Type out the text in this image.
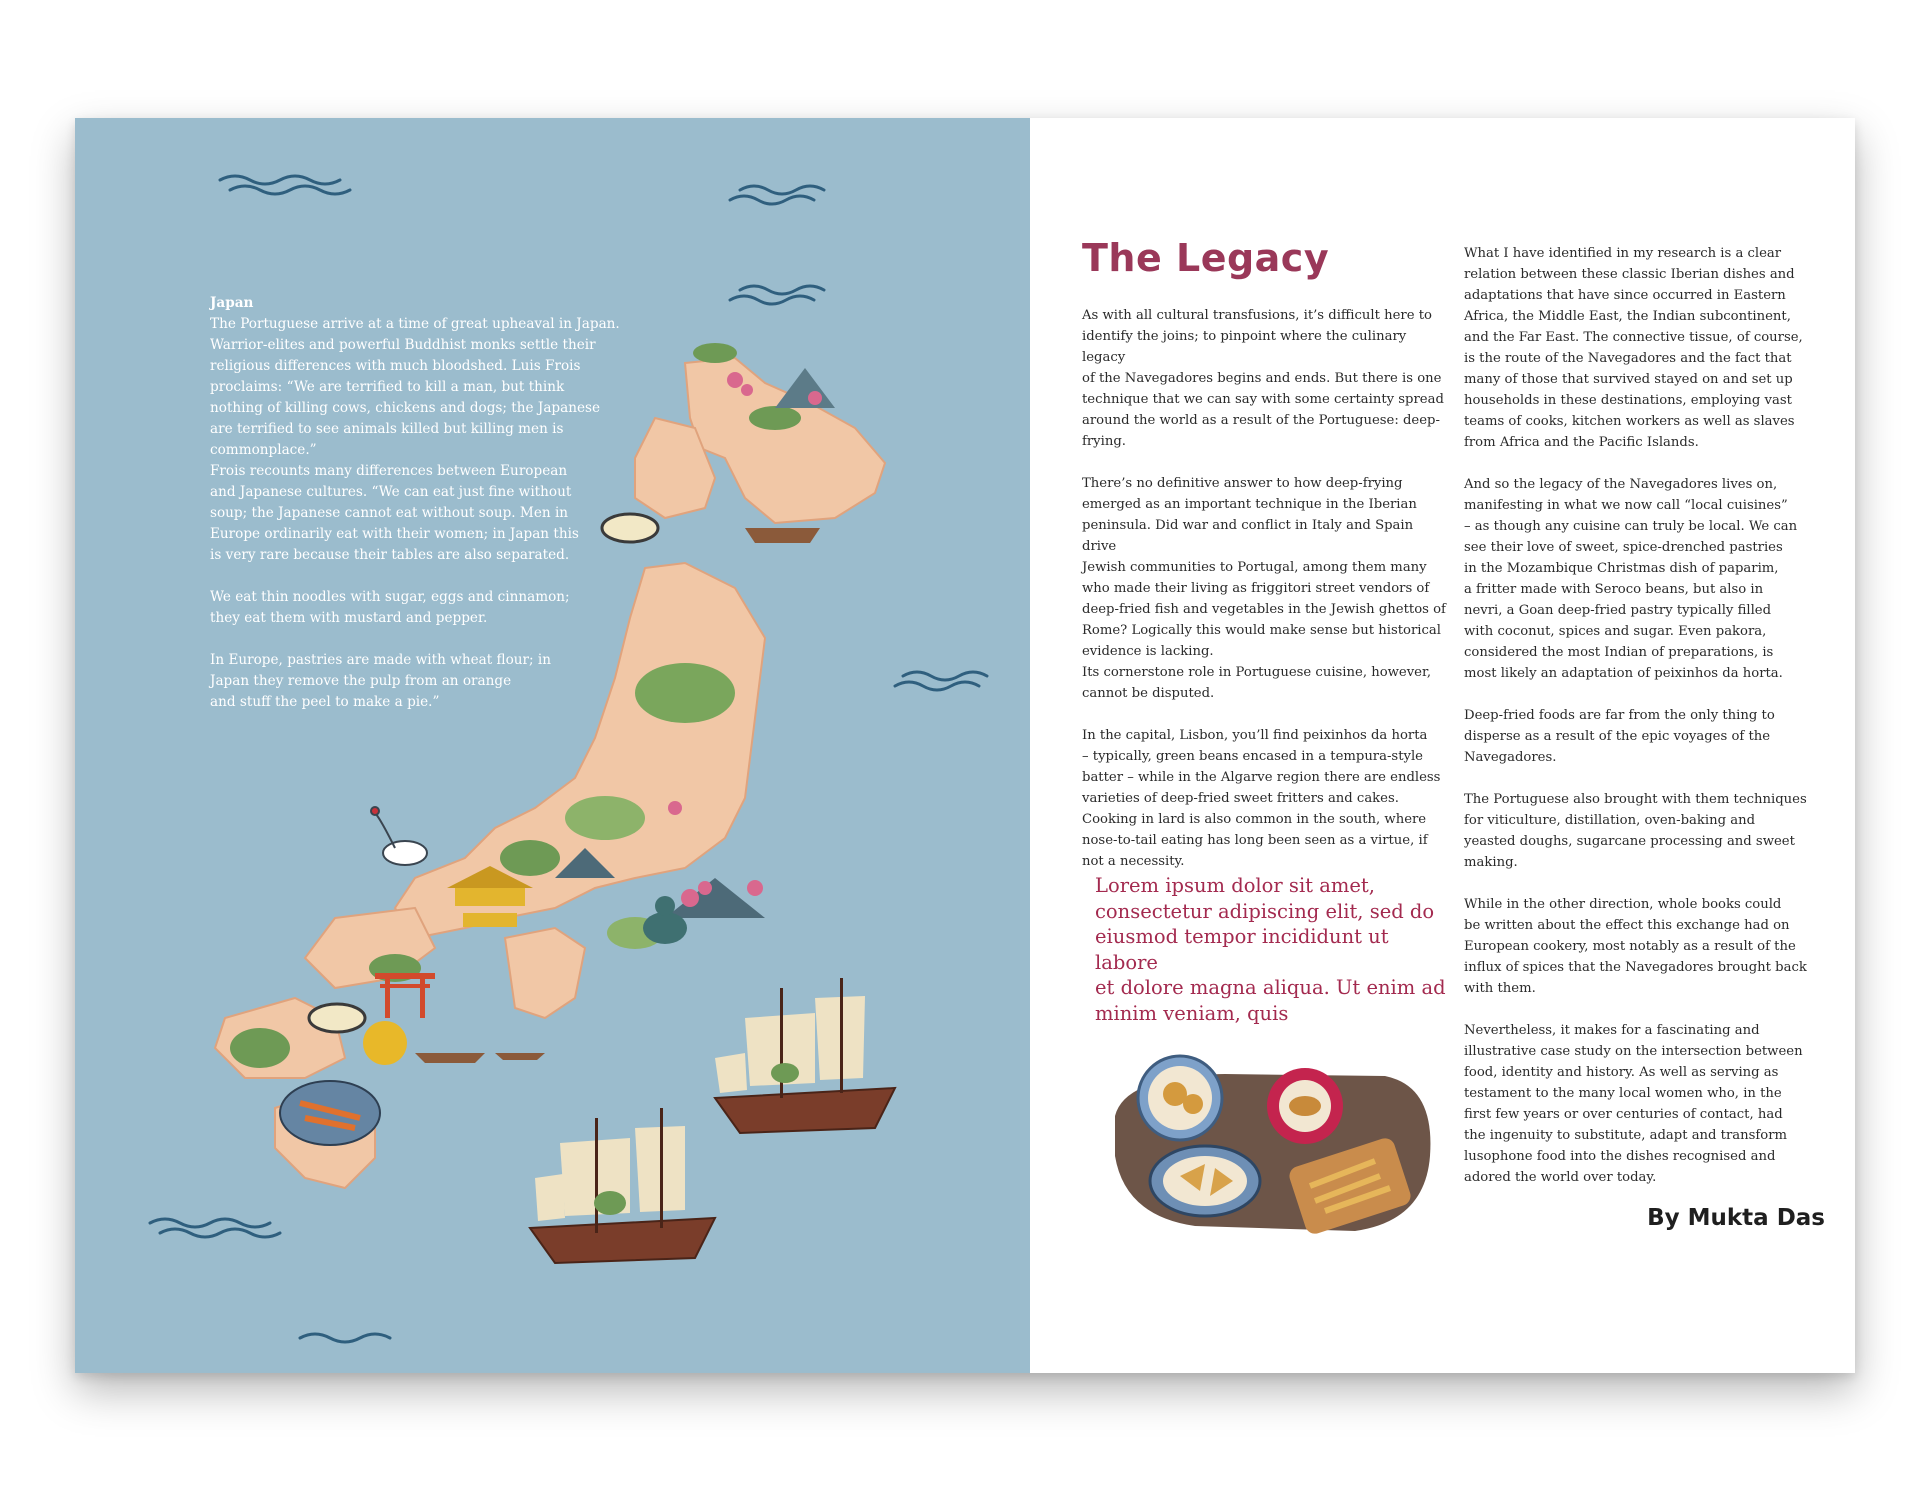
Japan

The Portuguese arrive at a time of great upheaval in Japan.

Warrior-elites and powerful Buddhist monks settle their

religious differences with much bloodshed. Luis Frois

proclaims: “We are terrified to kill a man, but think

nothing of killing cows, chickens and dogs; the Japanese

are terrified to see animals killed but killing men is

commonplace.”

Frois recounts many differences between European

and Japanese cultures. “We can eat just fine without

soup; the Japanese cannot eat without soup. Men in

Europe ordinarily eat with their women; in Japan this

is very rare because their tables are also separated.

We eat thin noodles with sugar, eggs and cinnamon;

they eat them with mustard and pepper.

In Europe, pastries are made with wheat flour; in

Japan they remove the pulp from an orange

and stuff the peel to make a pie.”

The Legacy

As with all cultural transfusions, it’s difficult here to

identify the joins; to pinpoint where the culinary legacy

of the Navegadores begins and ends. But there is one

technique that we can say with some certainty spread

around the world as a result of the Portuguese: deep-

frying.

There’s no definitive answer to how deep-frying

emerged as an important technique in the Iberian

peninsula. Did war and conflict in Italy and Spain drive

Jewish communities to Portugal, among them many

who made their living as friggitori street vendors of

deep-fried fish and vegetables in the Jewish ghettos of

Rome? Logically this would make sense but historical

evidence is lacking.

Its cornerstone role in Portuguese cuisine, however,

cannot be disputed.

In the capital, Lisbon, you’ll find peixinhos da horta

– typically, green beans encased in a tempura-style

batter – while in the Algarve region there are endless

varieties of deep-fried sweet fritters and cakes.

Cooking in lard is also common in the south, where

nose-to-tail eating has long been seen as a virtue, if

not a necessity.

Lorem ipsum dolor sit amet,
consectetur adipiscing elit, sed do
eiusmod tempor incididunt ut labore
et dolore magna aliqua. Ut enim ad
minim veniam, quis

What I have identified in my research is a clear

relation between these classic Iberian dishes and

adaptations that have since occurred in Eastern

Africa, the Middle East, the Indian subcontinent,

and the Far East. The connective tissue, of course,

is the route of the Navegadores and the fact that

many of those that survived stayed on and set up

households in these destinations, employing vast

teams of cooks, kitchen workers as well as slaves

from Africa and the Pacific Islands.

And so the legacy of the Navegadores lives on,

manifesting in what we now call “local cuisines”

– as though any cuisine can truly be local. We can

see their love of sweet, spice-drenched pastries

in the Mozambique Christmas dish of paparim,

a fritter made with Seroco beans, but also in

nevri, a Goan deep-fried pastry typically filled

with coconut, spices and sugar. Even pakora,

considered the most Indian of preparations, is

most likely an adaptation of peixinhos da horta.

Deep-fried foods are far from the only thing to

disperse as a result of the epic voyages of the

Navegadores.

The Portuguese also brought with them techniques

for viticulture, distillation, oven-baking and

yeasted doughs, sugarcane processing and sweet

making.

While in the other direction, whole books could

be written about the effect this exchange had on

European cookery, most notably as a result of the

influx of spices that the Navegadores brought back

with them.

Nevertheless, it makes for a fascinating and

illustrative case study on the intersection between

food, identity and history. As well as serving as

testament to the many local women who, in the

first few years or over centuries of contact, had

the ingenuity to substitute, adapt and transform

lusophone food into the dishes recognised and

adored the world over today.

By Mukta Das
